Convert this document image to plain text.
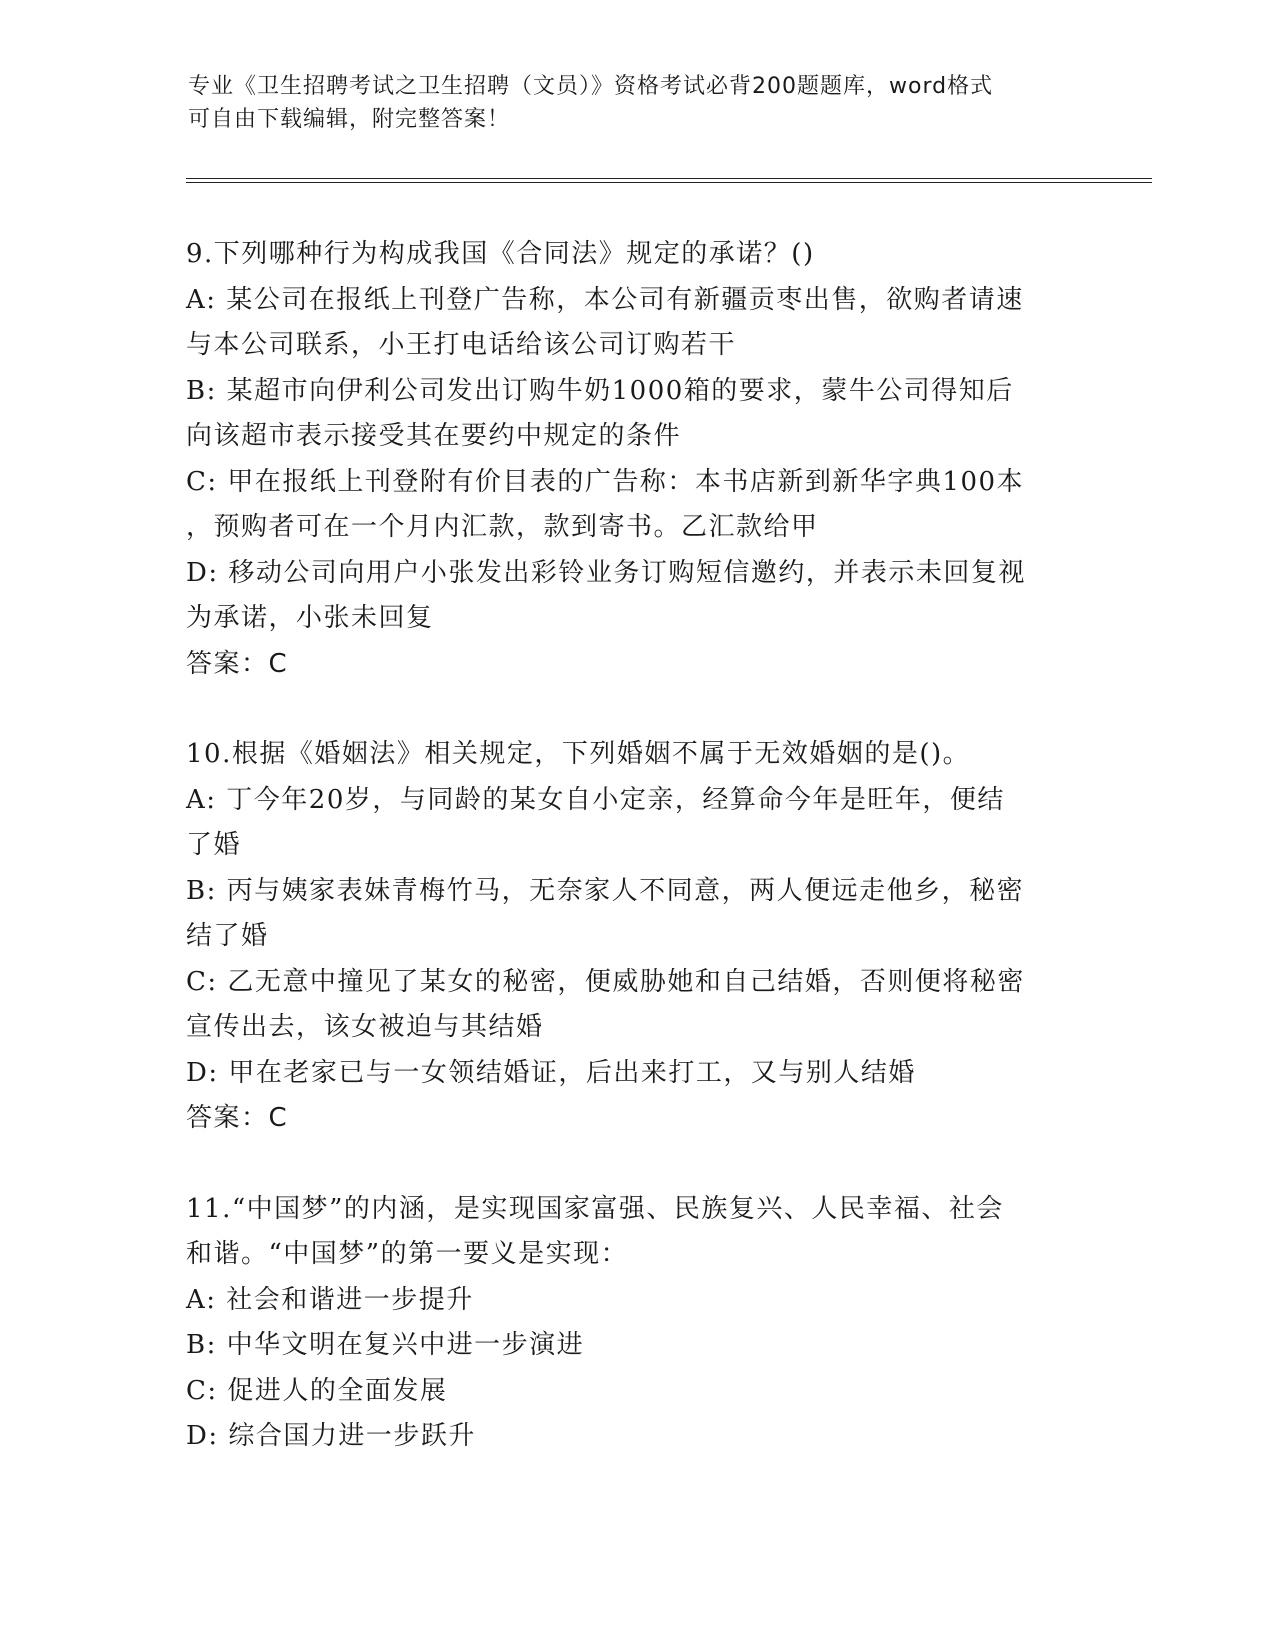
专业《卫生招聘考试之卫生招聘（文员）》资格考试必背200题题库，word格式
可自由下载编辑，附完整答案！
9.下列哪种行为构成我国《合同法》规定的承诺？()
A: 某公司在报纸上刊登广告称，本公司有新疆贡枣出售，欲购者请速
与本公司联系，小王打电话给该公司订购若干
B: 某超市向伊利公司发出订购牛奶1000箱的要求，蒙牛公司得知后
向该超市表示接受其在要约中规定的条件
C: 甲在报纸上刊登附有价目表的广告称：本书店新到新华字典100本
，预购者可在一个月内汇款，款到寄书。乙汇款给甲
D: 移动公司向用户小张发出彩铃业务订购短信邀约，并表示未回复视
为承诺，小张未回复
答案：C
10.根据《婚姻法》相关规定，下列婚姻不属于无效婚姻的是()。
A: 丁今年20岁，与同龄的某女自小定亲，经算命今年是旺年，便结
了婚
B: 丙与姨家表妹青梅竹马，无奈家人不同意，两人便远走他乡，秘密
结了婚
C: 乙无意中撞见了某女的秘密，便威胁她和自己结婚，否则便将秘密
宣传出去，该女被迫与其结婚
D: 甲在老家已与一女领结婚证，后出来打工，又与别人结婚
答案：C
11.“中国梦”的内涵，是实现国家富强、民族复兴、人民幸福、社会
和谐。“中国梦”的第一要义是实现：
A: 社会和谐进一步提升
B: 中华文明在复兴中进一步演进
C: 促进人的全面发展
D: 综合国力进一步跃升
